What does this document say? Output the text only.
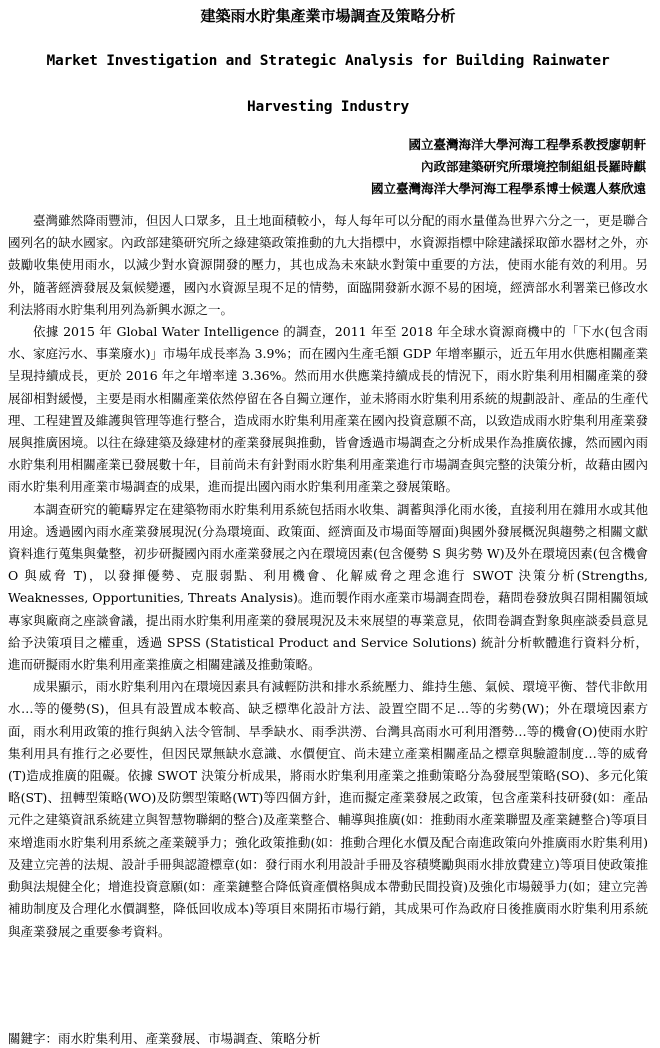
建築雨水貯集產業市場調查及策略分析
Market Investigation and Strategic Analysis for Building Rainwater Harvesting Industry
國立臺灣海洋大學河海工程學系教授廖朝軒
內政部建築研究所環境控制組組長羅時麒
國立臺灣海洋大學河海工程學系博士候選人蔡欣遠

臺灣雖然降雨豐沛，但因人口眾多，且土地面積較小，每人每年可以分配的雨水量僅為世界六分之一，更是聯合國列名的缺水國家。內政部建築研究所之綠建築政策推動的九大指標中，水資源指標中除建議採取節水器材之外，亦鼓勵收集使用雨水，以減少對水資源開發的壓力，其也成為未來缺水對策中重要的方法，使雨水能有效的利用。另外，隨著經濟發展及氣候變遷，國內水資源呈現不足的情勢，面臨開發新水源不易的困境，經濟部水利署業已修改水利法將雨水貯集利用列為新興水源之一。

依據 2015 年 Global Water Intelligence 的調查，2011 年至 2018 年全球水資源商機中的「下水(包含雨水、家庭污水、事業廢水)」市場年成長率為 3.9%；而在國內生產毛額 GDP 年增率顯示，近五年用水供應相關產業呈現持續成長，更於 2016 年之年增率達 3.36%。然而用水供應業持續成長的情況下，雨水貯集利用相關產業的發展卻相對緩慢，主要是雨水相關產業依然停留在各自獨立運作，並未將雨水貯集利用系統的規劃設計、產品的生產代理、工程建置及維護與管理等進行整合，造成雨水貯集利用產業在國內投資意願不高，以致造成雨水貯集利用產業發展與推廣困境。以往在綠建築及綠建材的產業發展與推動，皆會透過市場調查之分析成果作為推廣依據，然而國內雨水貯集利用相關產業已發展數十年，目前尚未有針對雨水貯集利用產業進行市場調查與完整的決策分析，故藉由國內雨水貯集利用產業市場調查的成果，進而提出國內雨水貯集利用產業之發展策略。

本調查研究的範疇界定在建築物雨水貯集利用系統包括雨水收集、調蓄與淨化雨水後，直接利用在雜用水或其他用途。透過國內雨水產業發展現況(分為環境面、政策面、經濟面及市場面等層面)與國外發展概況與趨勢之相關文獻資料進行蒐集與彙整，初步研擬國內雨水產業發展之內在環境因素(包含優勢 S 與劣勢 W)及外在環境因素(包含機會 O 與威脅 T)，以發揮優勢、克服弱點、利用機會、化解威脅之理念進行 SWOT 決策分析(Strengths, Weaknesses, Opportunities, Threats Analysis)。進而製作雨水產業市場調查問卷，藉問卷發放與召開相關領域專家與廠商之座談會議，提出雨水貯集利用產業的發展現況及未來展望的專業意見，依問卷調查對象與座談委員意見給予決策項目之權重，透過 SPSS (Statistical Product and Service Solutions) 統計分析軟體進行資料分析，進而研擬雨水貯集利用產業推廣之相關建議及推動策略。

成果顯示，雨水貯集利用內在環境因素具有減輕防洪和排水系統壓力、維持生態、氣候、環境平衡、替代非飲用水…等的優勢(S)，但具有設置成本較高、缺乏標準化設計方法、設置空間不足…等的劣勢(W)；外在環境因素方面，雨水利用政策的推行與納入法令管制、旱季缺水、雨季洪澇、台灣具高雨水可利用潛勢…等的機會(O)使雨水貯集利用具有推行之必要性，但因民眾無缺水意識、水價便宜、尚未建立產業相關產品之標章與驗證制度…等的威脅(T)造成推廣的阻礙。依據 SWOT 決策分析成果，將雨水貯集利用產業之推動策略分為發展型策略(SO)、多元化策略(ST)、扭轉型策略(WO)及防禦型策略(WT)等四個方針，進而擬定產業發展之政策，包含產業科技研發(如：產品元件之建築資訊系統建立與智慧物聯網的整合)及產業整合、輔導與推廣(如：推動雨水產業聯盟及產業鏈整合)等項目來增進雨水貯集利用系統之產業競爭力；強化政策推動(如：推動合理化水價及配合南進政策向外推廣雨水貯集利用)及建立完善的法規、設計手冊與認證標章(如：發行雨水利用設計手冊及容積獎勵與雨水排放費建立)等項目使政策推動與法規健全化；增進投資意願(如：產業鏈整合降低資產價格與成本帶動民間投資)及強化市場競爭力(如；建立完善補助制度及合理化水價調整，降低回收成本)等項目來開拓市場行銷，其成果可作為政府日後推廣雨水貯集利用系統與產業發展之重要參考資料。

關鍵字：雨水貯集利用、產業發展、市場調查、策略分析
